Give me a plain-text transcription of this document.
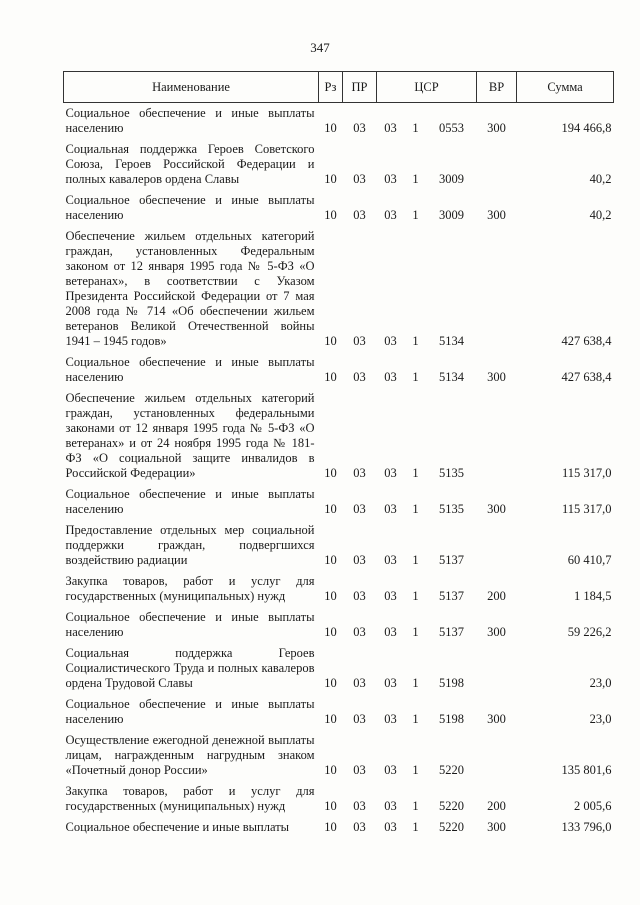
347
Наименование	Рз	ПР	ЦСР			ВР	Сумма
Социальное обеспечение и иные выплаты населению	10	03	03	1	0553	300	194 466,8
Социальная поддержка Героев Советского Союза, Героев Российской Федерации и полных кавалеров ордена Славы	10	03	03	1	3009		40,2
Социальное обеспечение и иные выплаты населению	10	03	03	1	3009	300	40,2
Обеспечение жильем отдельных категорий граждан, установленных Федеральным законом от 12 января 1995 года № 5-ФЗ «О ветеранах», в соответствии с Указом Президента Российской Федерации от 7 мая 2008 года № 714 «Об обеспечении жильем ветеранов Великой Отечественной войны 1941 – 1945 годов»	10	03	03	1	5134		427 638,4
Социальное обеспечение и иные выплаты населению	10	03	03	1	5134	300	427 638,4
Обеспечение жильем отдельных категорий граждан, установленных федеральными законами от 12 января 1995 года № 5-ФЗ «О ветеранах» и от 24 ноября 1995 года № 181-ФЗ «О социальной защите инвалидов в Российской Федерации»	10	03	03	1	5135		115 317,0
Социальное обеспечение и иные выплаты населению	10	03	03	1	5135	300	115 317,0
Предоставление отдельных мер социальной поддержки граждан, подвергшихся воздействию радиации	10	03	03	1	5137		60 410,7
Закупка товаров, работ и услуг для государственных (муниципальных) нужд	10	03	03	1	5137	200	1 184,5
Социальное обеспечение и иные выплаты населению	10	03	03	1	5137	300	59 226,2
Социальная поддержка Героев Социалистического Труда и полных кавалеров ордена Трудовой Славы	10	03	03	1	5198		23,0
Социальное обеспечение и иные выплаты населению	10	03	03	1	5198	300	23,0
Осуществление ежегодной денежной выплаты лицам, награжденным нагрудным знаком «Почетный донор России»	10	03	03	1	5220		135 801,6
Закупка товаров, работ и услуг для государственных (муниципальных) нужд	10	03	03	1	5220	200	2 005,6
Социальное обеспечение и иные выплаты	10	03	03	1	5220	300	133 796,0
